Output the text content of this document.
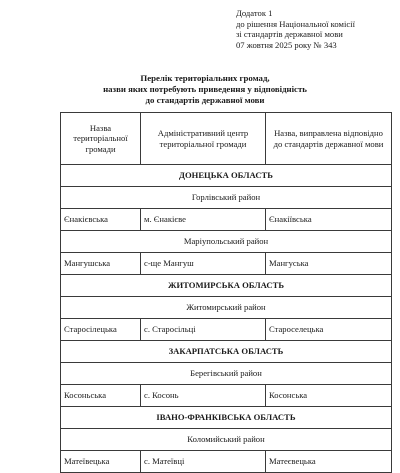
Додаток 1
до рішення Національної комісії
зі стандартів державної мови
07 жовтня 2025 року № 343
Перелік територіальних громад,
назви яких потребують приведення у відповідність
до стандартів державної мови
Назва територіальної громади	Адміністративний центр територіальної громади	Назва, виправлена відповідно до стандартів державної мови
ДОНЕЦЬКА ОБЛАСТЬ		
Горлівський район		
Єнакієвська	м. Єнакієве	Єнакіївська
Маріупольський район		
Мангушська	с-ще Мангуш	Мангуська
ЖИТОМИРСЬКА ОБЛАСТЬ		
Житомирський район		
Старосілецька	с. Старосільці	Староселецька
ЗАКАРПАТСЬКА ОБЛАСТЬ		
Берегівський район		
Косоньська	с. Косонь	Косонська
ІВАНО-ФРАНКІВСЬКА ОБЛАСТЬ		
Коломийський район		
Матеївецька	с. Матеївці	Матеєвецька
